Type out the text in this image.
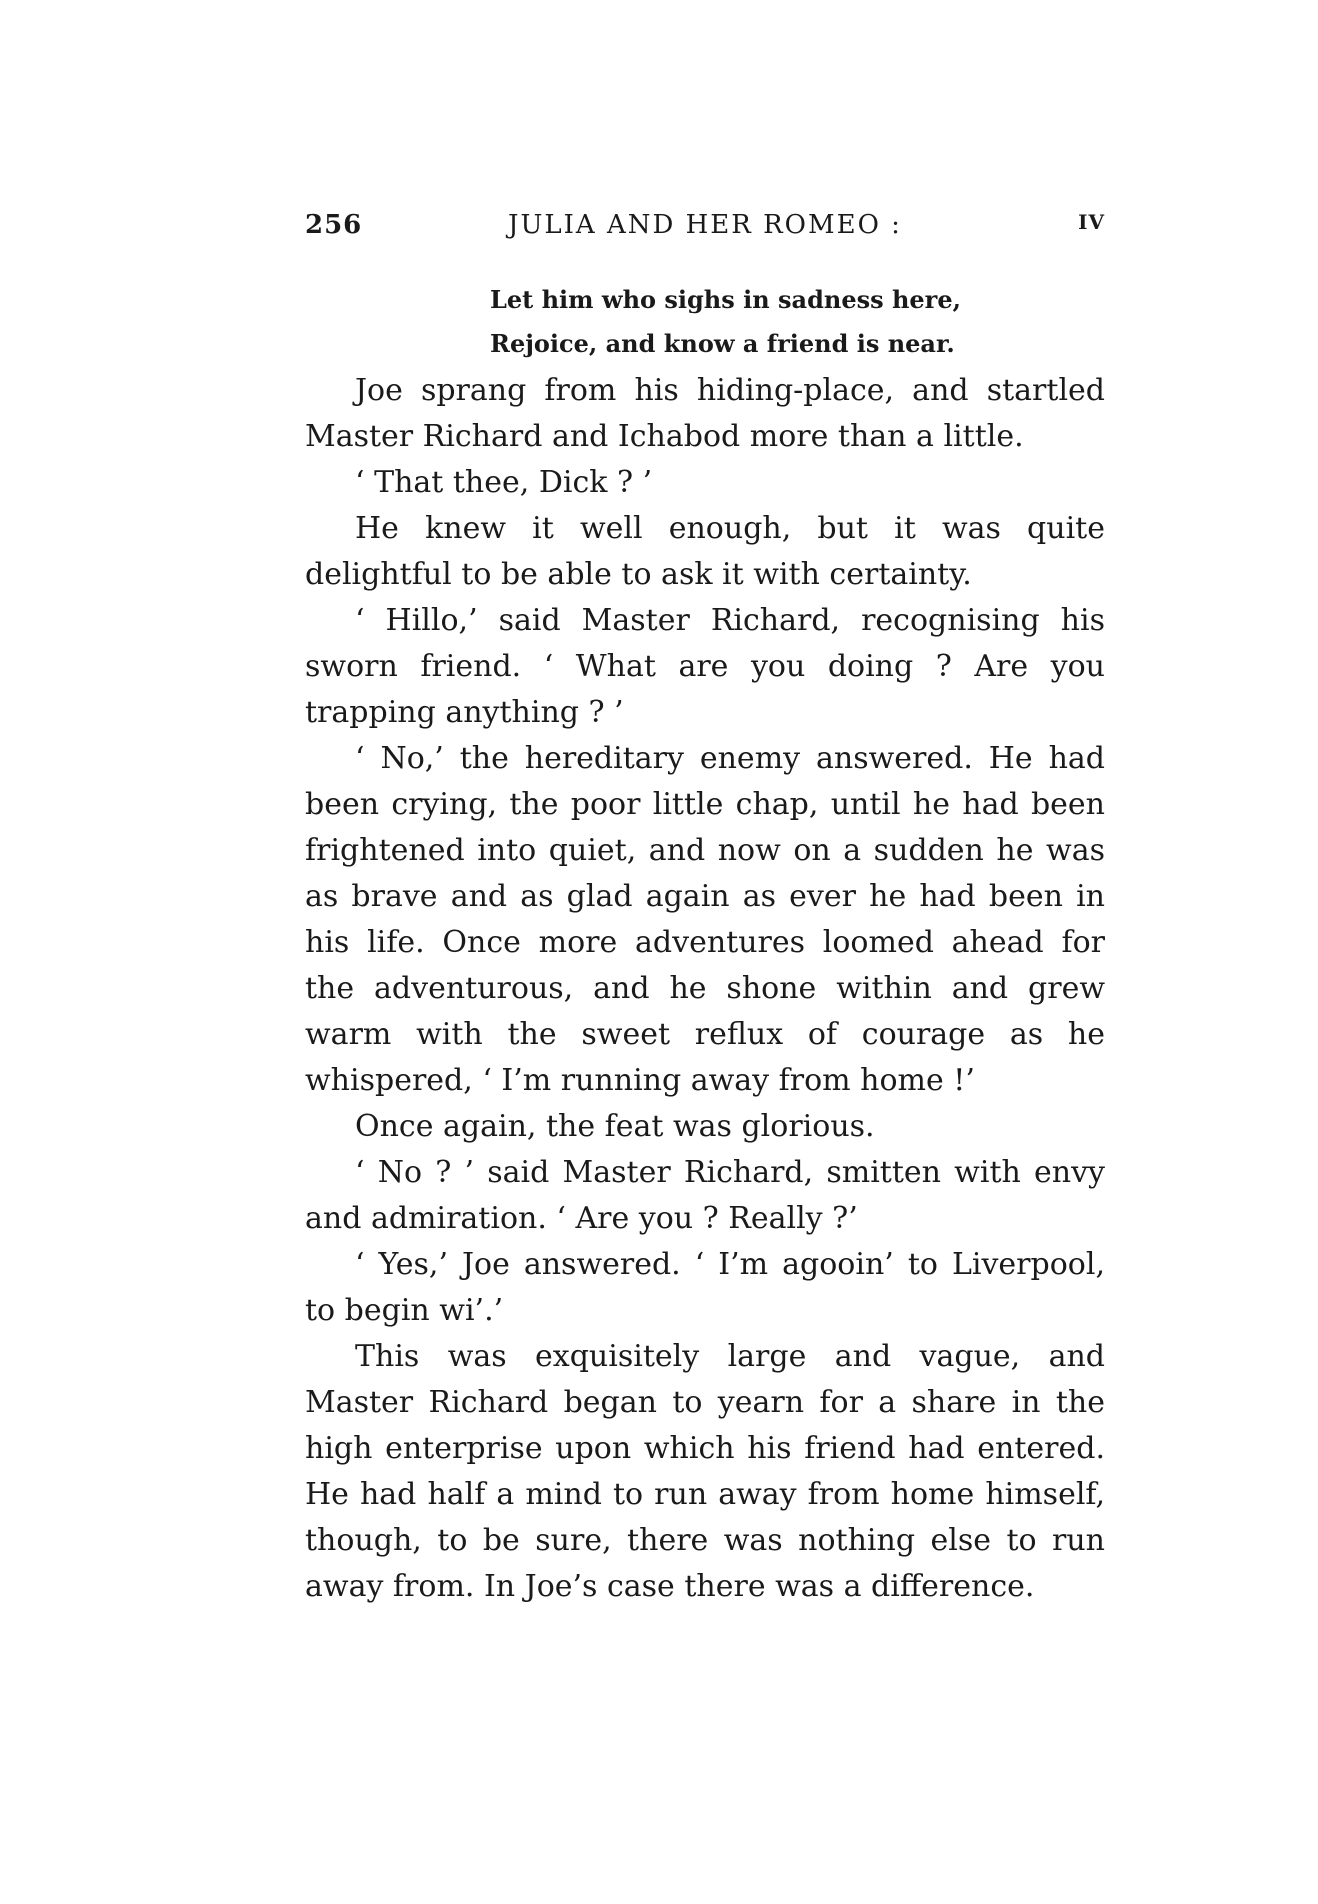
256	JULIA AND HER ROMEO :	IV
Let him who sighs in sadness here,
Rejoice, and know a friend is near.

Joe sprang from his hiding-place, and startled Master Richard and Ichabod more than a little.

‘ That thee, Dick ? ’

He knew it well enough, but it was quite delightful to be able to ask it with certainty.

‘ Hillo,’ said Master Richard, recognising his sworn friend. ‘ What are you doing ? Are you trapping anything ? ’

‘ No,’ the hereditary enemy answered. He had been crying, the poor little chap, until he had been frightened into quiet, and now on a sudden he was as brave and as glad again as ever he had been in his life. Once more adventures loomed ahead for the adventurous, and he shone within and grew warm with the sweet reflux of courage as he whispered, ‘ I’m running away from home !’

Once again, the feat was glorious.

‘ No ? ’ said Master Richard, smitten with envy and admiration. ‘ Are you ? Really ?’

‘ Yes,’ Joe answered. ‘ I’m agooin’ to Liverpool, to begin wi’.’

This was exquisitely large and vague, and Master Richard began to yearn for a share in the high enterprise upon which his friend had entered. He had half a mind to run away from home himself, though, to be sure, there was nothing else to run away from. In Joe’s case there was a difference.
